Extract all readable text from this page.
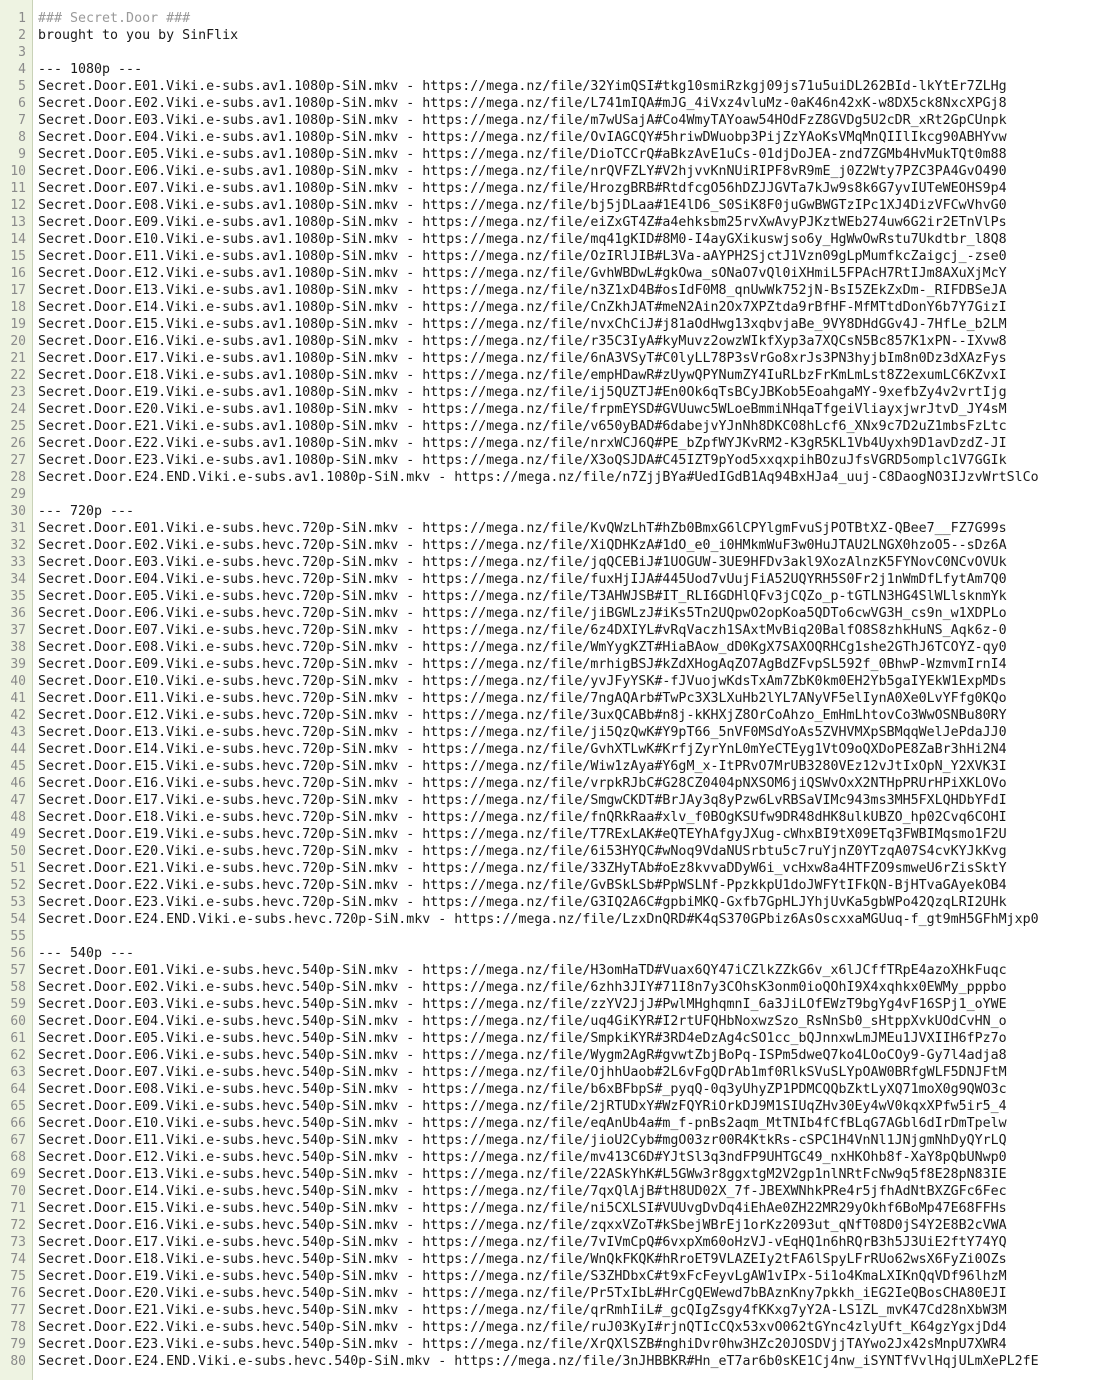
1 ### Secret.Door ###
2 brought to you by SinFlix
3
4 --- 1080p ---
5 Secret.Door.E01.Viki.e-subs.av1.1080p-SiN.mkv - https://mega.nz/file/32YimQSI#tkg10smiRzkgj09js71u5uiDL262BId-lkYtEr7ZLHg
6 Secret.Door.E02.Viki.e-subs.av1.1080p-SiN.mkv - https://mega.nz/file/L741mIQA#mJG_4iVxz4vluMz-0aK46n42xK-w8DX5ck8NxcXPGj8
7 Secret.Door.E03.Viki.e-subs.av1.1080p-SiN.mkv - https://mega.nz/file/m7wUSajA#Co4WmyTAYoaw54HOdFzZ8GVDg5U2cDR_xRt2GpCUnpk
8 Secret.Door.E04.Viki.e-subs.av1.1080p-SiN.mkv - https://mega.nz/file/OvIAGCQY#5hriwDWuobp3PijZzYAoKsVMqMnQIIlIkcg90ABHYvw
9 Secret.Door.E05.Viki.e-subs.av1.1080p-SiN.mkv - https://mega.nz/file/DioTCCrQ#aBkzAvE1uCs-01djDoJEA-znd7ZGMb4HvMukTQt0m88
10 Secret.Door.E06.Viki.e-subs.av1.1080p-SiN.mkv - https://mega.nz/file/nrQVFZLY#V2hjvvKnNUiRIPF8vR9mE_j0Z2Wty7PZC3PA4GvO490
11 Secret.Door.E07.Viki.e-subs.av1.1080p-SiN.mkv - https://mega.nz/file/HrozgBRB#RtdfcgO56hDZJJGVTa7kJw9s8k6G7yvIUTeWEOHS9p4
12 Secret.Door.E08.Viki.e-subs.av1.1080p-SiN.mkv - https://mega.nz/file/bj5jDLaa#1E4lD6_S0SiK8F0juGwBWGTzIPc1XJ4DizVFCwVhvG0
13 Secret.Door.E09.Viki.e-subs.av1.1080p-SiN.mkv - https://mega.nz/file/eiZxGT4Z#a4ehksbm25rvXwAvyPJKztWEb274uw6G2ir2ETnVlPs
14 Secret.Door.E10.Viki.e-subs.av1.1080p-SiN.mkv - https://mega.nz/file/mq41gKID#8M0-I4ayGXikuswjso6y_HgWwOwRstu7Ukdtbr_l8Q8
15 Secret.Door.E11.Viki.e-subs.av1.1080p-SiN.mkv - https://mega.nz/file/OzIRlJIB#L3Va-aAYPH2SjctJ1Vzn09gLpMumfkcZaigcj_-zse0
16 Secret.Door.E12.Viki.e-subs.av1.1080p-SiN.mkv - https://mega.nz/file/GvhWBDwL#gkOwa_sONaO7vQl0iXHmiL5FPAcH7RtIJm8AXuXjMcY
17 Secret.Door.E13.Viki.e-subs.av1.1080p-SiN.mkv - https://mega.nz/file/n3Z1xD4B#osIdF0M8_qnUwWk752jN-BsI5ZEkZxDm-_RIFDBSeJA
18 Secret.Door.E14.Viki.e-subs.av1.1080p-SiN.mkv - https://mega.nz/file/CnZkhJAT#meN2Ain2Ox7XPZtda9rBfHF-MfMTtdDonY6b7Y7GizI
19 Secret.Door.E15.Viki.e-subs.av1.1080p-SiN.mkv - https://mega.nz/file/nvxChCiJ#j81aOdHwg13xqbvjaBe_9VY8DHdGGv4J-7HfLe_b2LM
20 Secret.Door.E16.Viki.e-subs.av1.1080p-SiN.mkv - https://mega.nz/file/r35C3IyA#kyMuvz2owzWIkfXyp3a7XQCsN5Bc857K1xPN--IXvw8
21 Secret.Door.E17.Viki.e-subs.av1.1080p-SiN.mkv - https://mega.nz/file/6nA3VSyT#C0lyLL78P3sVrGo8xrJs3PN3hyjbIm8n0Dz3dXAzFys
22 Secret.Door.E18.Viki.e-subs.av1.1080p-SiN.mkv - https://mega.nz/file/empHDawR#zUywQPYNumZY4IuRLbzFrKmLmLst8Z2exumLC6KZvxI
23 Secret.Door.E19.Viki.e-subs.av1.1080p-SiN.mkv - https://mega.nz/file/ij5QUZTJ#En0Ok6qTsBCyJBKob5EoahgaMY-9xefbZy4v2vrtIjg
24 Secret.Door.E20.Viki.e-subs.av1.1080p-SiN.mkv - https://mega.nz/file/frpmEYSD#GVUuwc5WLoeBmmiNHqaTfgeiVliayxjwrJtvD_JY4sM
25 Secret.Door.E21.Viki.e-subs.av1.1080p-SiN.mkv - https://mega.nz/file/v650yBAD#6dabejvYJnNh8DKC08hLcf6_XNx9c7D2uZ1mbsFzLtc
26 Secret.Door.E22.Viki.e-subs.av1.1080p-SiN.mkv - https://mega.nz/file/nrxWCJ6Q#PE_bZpfWYJKvRM2-K3gR5KL1Vb4Uyxh9D1avDzdZ-JI
27 Secret.Door.E23.Viki.e-subs.av1.1080p-SiN.mkv - https://mega.nz/file/X3oQSJDA#C45IZT9pYod5xxqxpihBOzuJfsVGRD5omplc1V7GGIk
28 Secret.Door.E24.END.Viki.e-subs.av1.1080p-SiN.mkv - https://mega.nz/file/n7ZjjBYa#UedIGdB1Aq94BxHJa4_uuj-C8DaogNO3IJzvWrtSlCo
29
30 --- 720p ---
31 Secret.Door.E01.Viki.e-subs.hevc.720p-SiN.mkv - https://mega.nz/file/KvQWzLhT#hZb0BmxG6lCPYlgmFvuSjPOTBtXZ-QBee7__FZ7G99s
32 Secret.Door.E02.Viki.e-subs.hevc.720p-SiN.mkv - https://mega.nz/file/XiQDHKzA#1dO_e0_i0HMkmWuF3w0HuJTAU2LNGX0hzoO5--sDz6A
33 Secret.Door.E03.Viki.e-subs.hevc.720p-SiN.mkv - https://mega.nz/file/jqQCEBiJ#1UOGUW-3UE9HFDv3akl9XozAlnzK5FYNovC0NCvOVUk
34 Secret.Door.E04.Viki.e-subs.hevc.720p-SiN.mkv - https://mega.nz/file/fuxHjIJA#445Uod7vUujFiA52UQYRH5S0Fr2j1nWmDfLfytAm7Q0
35 Secret.Door.E05.Viki.e-subs.hevc.720p-SiN.mkv - https://mega.nz/file/T3AHWJSB#IT_RLI6GDHlQFv3jCQZo_p-tGTLN3HG4SlWLlsknmYk
36 Secret.Door.E06.Viki.e-subs.hevc.720p-SiN.mkv - https://mega.nz/file/jiBGWLzJ#iKs5Tn2UQpwO2opKoa5QDTo6cwVG3H_cs9n_w1XDPLo
37 Secret.Door.E07.Viki.e-subs.hevc.720p-SiN.mkv - https://mega.nz/file/6z4DXIYL#vRqVaczh1SAxtMvBiq20BalfO8S8zhkHuNS_Aqk6z-0
38 Secret.Door.E08.Viki.e-subs.hevc.720p-SiN.mkv - https://mega.nz/file/WmYygKZT#HiaBAow_dD0KgX7SAXOQRHCg1she2GThJ6TCOYZ-qy0
39 Secret.Door.E09.Viki.e-subs.hevc.720p-SiN.mkv - https://mega.nz/file/mrhigBSJ#kZdXHogAqZO7AgBdZFvpSL592f_0BhwP-WzmvmIrnI4
40 Secret.Door.E10.Viki.e-subs.hevc.720p-SiN.mkv - https://mega.nz/file/yvJFyYSK#-fJVuojwKdsTxAm7ZbK0km0EH2Yb5gaIYEkW1ExpMDs
41 Secret.Door.E11.Viki.e-subs.hevc.720p-SiN.mkv - https://mega.nz/file/7ngAQArb#TwPc3X3LXuHb2lYL7ANyVF5elIynA0Xe0LvYFfg0KQo
42 Secret.Door.E12.Viki.e-subs.hevc.720p-SiN.mkv - https://mega.nz/file/3uxQCABb#n8j-kKHXjZ8OrCoAhzo_EmHmLhtovCo3WwOSNBu80RY
43 Secret.Door.E13.Viki.e-subs.hevc.720p-SiN.mkv - https://mega.nz/file/ji5QzQwK#Y9pT66_5nVF0MSdYoAs5ZVHVMXpSBMqqWelJePdaJJ0
44 Secret.Door.E14.Viki.e-subs.hevc.720p-SiN.mkv - https://mega.nz/file/GvhXTLwK#KrfjZyrYnL0mYeCTEyg1VtO9oQXDoPE8ZaBr3hHi2N4
45 Secret.Door.E15.Viki.e-subs.hevc.720p-SiN.mkv - https://mega.nz/file/Wiw1zAya#Y6gM_x-ItPRvO7MrUB3280VEz12vJtIxOpN_Y2XVK3I
46 Secret.Door.E16.Viki.e-subs.hevc.720p-SiN.mkv - https://mega.nz/file/vrpkRJbC#G28CZ0404pNXSOM6jiQSWvOxX2NTHpPRUrHPiXKLOVo
47 Secret.Door.E17.Viki.e-subs.hevc.720p-SiN.mkv - https://mega.nz/file/SmgwCKDT#BrJAy3q8yPzw6LvRBSaVIMc943ms3MH5FXLQHDbYFdI
48 Secret.Door.E18.Viki.e-subs.hevc.720p-SiN.mkv - https://mega.nz/file/fnQRkRaa#xlv_f0BOgKSUfw9DR48dHK8ulkUBZO_hp02Cvq6COHI
49 Secret.Door.E19.Viki.e-subs.hevc.720p-SiN.mkv - https://mega.nz/file/T7RExLAK#eQTEYhAfgyJXug-cWhxBI9tX09ETq3FWBIMqsmo1F2U
50 Secret.Door.E20.Viki.e-subs.hevc.720p-SiN.mkv - https://mega.nz/file/6i53HYQC#wNoq9VdaNUSrbtu5c7ruYjnZ0YTzqA07S4cvKYJkKvg
51 Secret.Door.E21.Viki.e-subs.hevc.720p-SiN.mkv - https://mega.nz/file/33ZHyTAb#oEz8kvvaDDyW6i_vcHxw8a4HTFZO9smweU6rZisSktY
52 Secret.Door.E22.Viki.e-subs.hevc.720p-SiN.mkv - https://mega.nz/file/GvBSkLSb#PpWSLNf-PpzkkpU1doJWFYtIFkQN-BjHTvaGAyekOB4
53 Secret.Door.E23.Viki.e-subs.hevc.720p-SiN.mkv - https://mega.nz/file/G3IQ2A6C#gpbiMKQ-Gxfb7GpHLJYhjUvKa5gbWPo42QzqLRI2UHk
54 Secret.Door.E24.END.Viki.e-subs.hevc.720p-SiN.mkv - https://mega.nz/file/LzxDnQRD#K4qS370GPbiz6AsOscxxaMGUuq-f_gt9mH5GFhMjxp0
55
56 --- 540p ---
57 Secret.Door.E01.Viki.e-subs.hevc.540p-SiN.mkv - https://mega.nz/file/H3omHaTD#Vuax6QY47iCZlkZZkG6v_x6lJCffTRpE4azoXHkFuqc
58 Secret.Door.E02.Viki.e-subs.hevc.540p-SiN.mkv - https://mega.nz/file/6zhh3JIY#71I8n7y3COhsK3onm0ioQOhI9X4xqhkx0EWMy_pppbo
59 Secret.Door.E03.Viki.e-subs.hevc.540p-SiN.mkv - https://mega.nz/file/zzYV2JjJ#PwlMHghqmnI_6a3JiLOfEWzT9bgYg4vF16SPj1_oYWE
60 Secret.Door.E04.Viki.e-subs.hevc.540p-SiN.mkv - https://mega.nz/file/uq4GiKYR#I2rtUFQHbNoxwzSzo_RsNnSb0_sHtppXvkUOdCvHN_o
61 Secret.Door.E05.Viki.e-subs.hevc.540p-SiN.mkv - https://mega.nz/file/SmpkiKYR#3RD4eDzAg4cSO1cc_bQJnnxwLmJMEu1JVXIIH6fPz7o
62 Secret.Door.E06.Viki.e-subs.hevc.540p-SiN.mkv - https://mega.nz/file/Wygm2AgR#gvwtZbjBoPq-ISPm5dweQ7ko4LOoCOy9-Gy7l4adja8
63 Secret.Door.E07.Viki.e-subs.hevc.540p-SiN.mkv - https://mega.nz/file/OjhhUaob#2L6vFgQDrAb1mf0RlkSVuSLYpOAW0BRfgWLF5DNJFtM
64 Secret.Door.E08.Viki.e-subs.hevc.540p-SiN.mkv - https://mega.nz/file/b6xBFbpS#_pyqQ-0q3yUhyZP1PDMCQQbZktLyXQ71moX0g9QWO3c
65 Secret.Door.E09.Viki.e-subs.hevc.540p-SiN.mkv - https://mega.nz/file/2jRTUDxY#WzFQYRiOrkDJ9M1SIUqZHv30Ey4wV0kqxXPfw5ir5_4
66 Secret.Door.E10.Viki.e-subs.hevc.540p-SiN.mkv - https://mega.nz/file/eqAnUb4a#m_f-pnBs2aqm_MtTNIb4fCfBLqG7AGbl6dIrDmTpelw
67 Secret.Door.E11.Viki.e-subs.hevc.540p-SiN.mkv - https://mega.nz/file/jioU2Cyb#mgO03zr00R4KtkRs-cSPC1H4VnNl1JNjgmNhDyQYrLQ
68 Secret.Door.E12.Viki.e-subs.hevc.540p-SiN.mkv - https://mega.nz/file/mv413C6D#YJtSl3q3ndFP9UHTGC49_nxHKOhb8f-XaY8pQbUNwp0
69 Secret.Door.E13.Viki.e-subs.hevc.540p-SiN.mkv - https://mega.nz/file/22ASkYhK#L5GWw3r8ggxtgM2V2gp1nlNRtFcNw9q5f8E28pN83IE
70 Secret.Door.E14.Viki.e-subs.hevc.540p-SiN.mkv - https://mega.nz/file/7qxQlAjB#tH8UD02X_7f-JBEXWNhkPRe4r5jfhAdNtBXZGFc6Fec
71 Secret.Door.E15.Viki.e-subs.hevc.540p-SiN.mkv - https://mega.nz/file/ni5CXLSI#VUUvgDvDq4iEhAe0ZH22MR29yOkhf6BoMp47E68FFHs
72 Secret.Door.E16.Viki.e-subs.hevc.540p-SiN.mkv - https://mega.nz/file/zqxxVZoT#kSbejWBrEj1orKz2093ut_qNfT08D0jS4Y2E8B2cVWA
73 Secret.Door.E17.Viki.e-subs.hevc.540p-SiN.mkv - https://mega.nz/file/7vIVmCpQ#6vxpXm60oHzVJ-vEqHQ1n6hRQrB3h5J3UiE2ftY74YQ
74 Secret.Door.E18.Viki.e-subs.hevc.540p-SiN.mkv - https://mega.nz/file/WnQkFKQK#hRroET9VLAZEIy2tFA6lSpyLFrRUo62wsX6FyZi0OZs
75 Secret.Door.E19.Viki.e-subs.hevc.540p-SiN.mkv - https://mega.nz/file/S3ZHDbxC#t9xFcFeyvLgAW1vIPx-5i1o4KmaLXIKnQqVDf96lhzM
76 Secret.Door.E20.Viki.e-subs.hevc.540p-SiN.mkv - https://mega.nz/file/Pr5TxIbL#HrCgQEWewd7bBAznKny7pkkh_iEG2IeQBosCHA80EJI
77 Secret.Door.E21.Viki.e-subs.hevc.540p-SiN.mkv - https://mega.nz/file/qrRmhIiL#_gcQIgZsgy4fKKxg7yY2A-LS1ZL_mvK47Cd28nXbW3M
78 Secret.Door.E22.Viki.e-subs.hevc.540p-SiN.mkv - https://mega.nz/file/ruJ03KyI#rjnQTIcCQx53xvO062tGYnc4zlyUft_K64gzYgxjDd4
79 Secret.Door.E23.Viki.e-subs.hevc.540p-SiN.mkv - https://mega.nz/file/XrQXlSZB#nghiDvr0hw3HZc20JOSDVjjTAYwo2Jx42sMnpU7XWR4
80 Secret.Door.E24.END.Viki.e-subs.hevc.540p-SiN.mkv - https://mega.nz/file/3nJHBBKR#Hn_eT7ar6b0sKE1Cj4nw_iSYNTfVvlHqjULmXePL2fE
